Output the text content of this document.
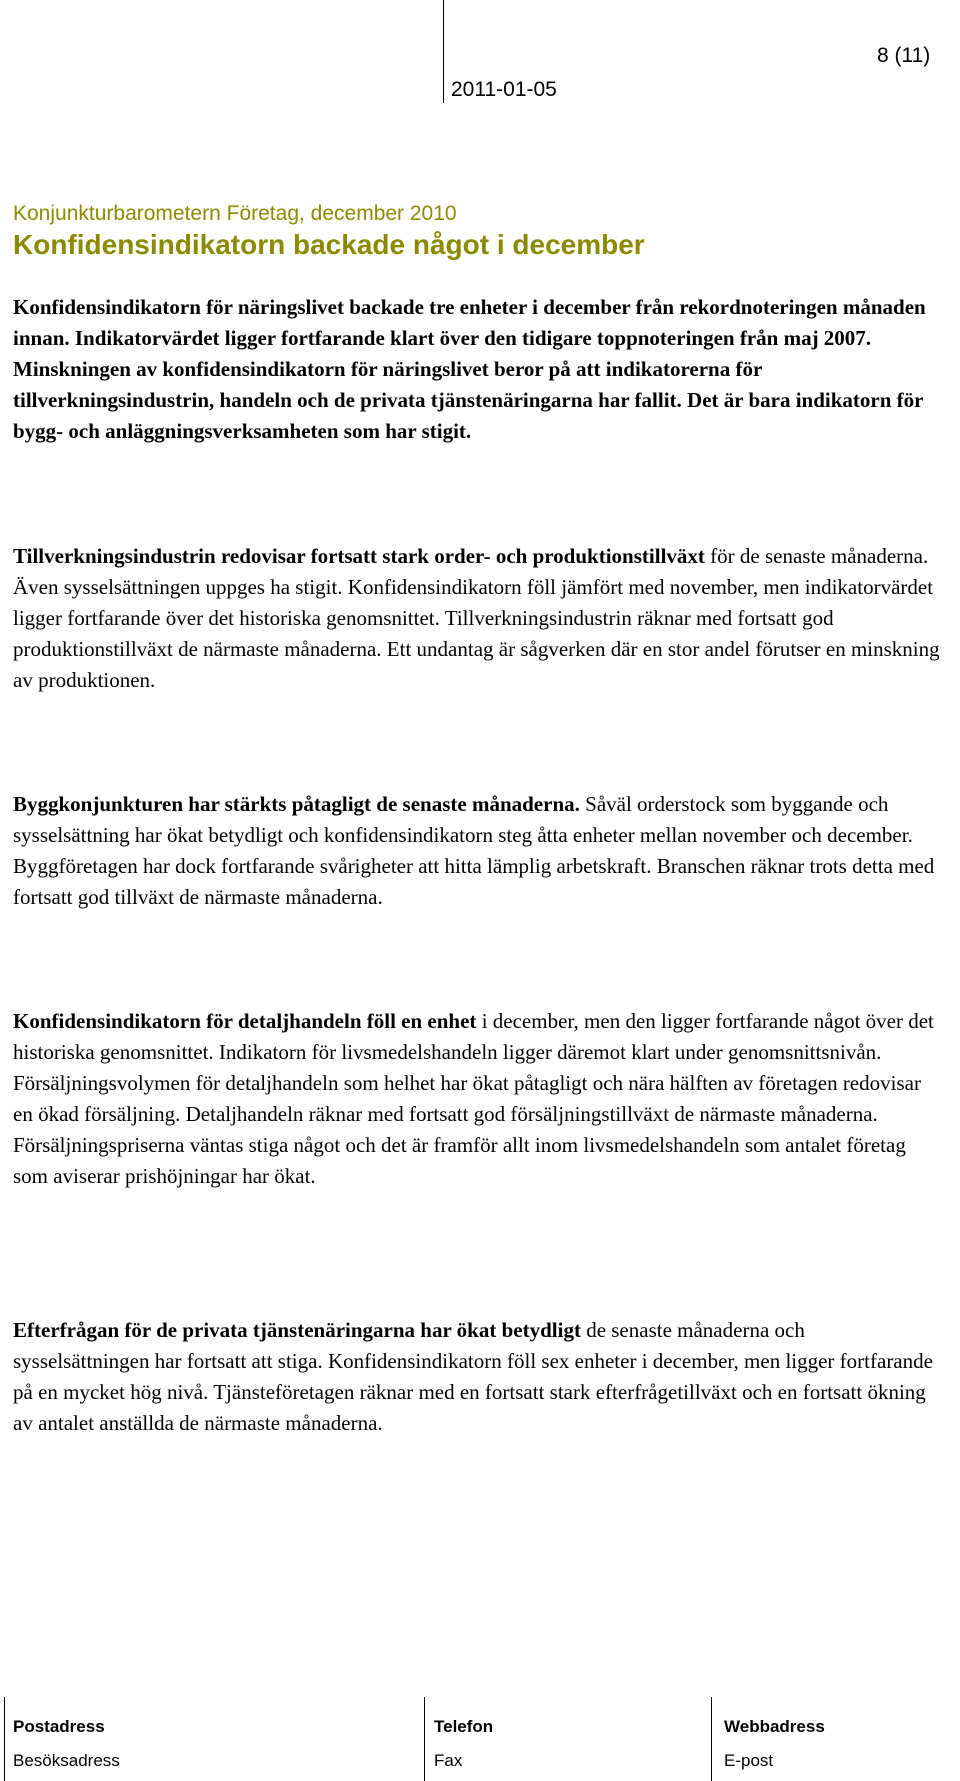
2011-01-05
8 (11)
Konjunkturbarometern Företag, december 2010
Konfidensindikatorn backade något i december

Konfidensindikatorn för näringslivet backade tre enheter i december från rekordnoteringen månaden innan. Indikatorvärdet ligger fortfarande klart över den tidigare toppnoteringen från maj 2007. Minskningen av konfidensindikatorn för näringslivet beror på att indikatorerna för tillverkningsindustrin, handeln och de privata tjänstenäringarna har fallit. Det är bara indikatorn för bygg- och anläggningsverksamheten som har stigit.

Tillverkningsindustrin redovisar fortsatt stark order- och produktionstillväxt för de senaste månaderna. Även sysselsättningen uppges ha stigit. Konfidensindikatorn föll jämfört med november, men indikatorvärdet ligger fortfarande över det historiska genomsnittet. Tillverkningsindustrin räknar med fortsatt god produktionstillväxt de närmaste månaderna. Ett undantag är sågverken där en stor andel förutser en minskning av produktionen.

Byggkonjunkturen har stärkts påtagligt de senaste månaderna. Såväl orderstock som byggande och sysselsättning har ökat betydligt och konfidensindikatorn steg åtta enheter mellan november och december. Byggföretagen har dock fortfarande svårigheter att hitta lämplig arbetskraft. Branschen räknar trots detta med fortsatt god tillväxt de närmaste månaderna.

Konfidensindikatorn för detaljhandeln föll en enhet i december, men den ligger fortfarande något över det historiska genomsnittet. Indikatorn för livsmedelshandeln ligger däremot klart under genomsnittsnivån. Försäljningsvolymen för detaljhandeln som helhet har ökat påtagligt och nära hälften av företagen redovisar en ökad försäljning. Detaljhandeln räknar med fortsatt god försäljningstillväxt de närmaste månaderna. Försäljningspriserna väntas stiga något och det är framför allt inom livsmedelshandeln som antalet företag som aviserar prishöjningar har ökat.

Efterfrågan för de privata tjänstenäringarna har ökat betydligt de senaste månaderna och sysselsättningen har fortsatt att stiga. Konfidensindikatorn föll sex enheter i december, men ligger fortfarande på en mycket hög nivå. Tjänsteföretagen räknar med en fortsatt stark efterfrågetillväxt och en fortsatt ökning av antalet anställda de närmaste månaderna.

Postadress
Besöksadress
Telefon
Fax
Webbadress
E-post
